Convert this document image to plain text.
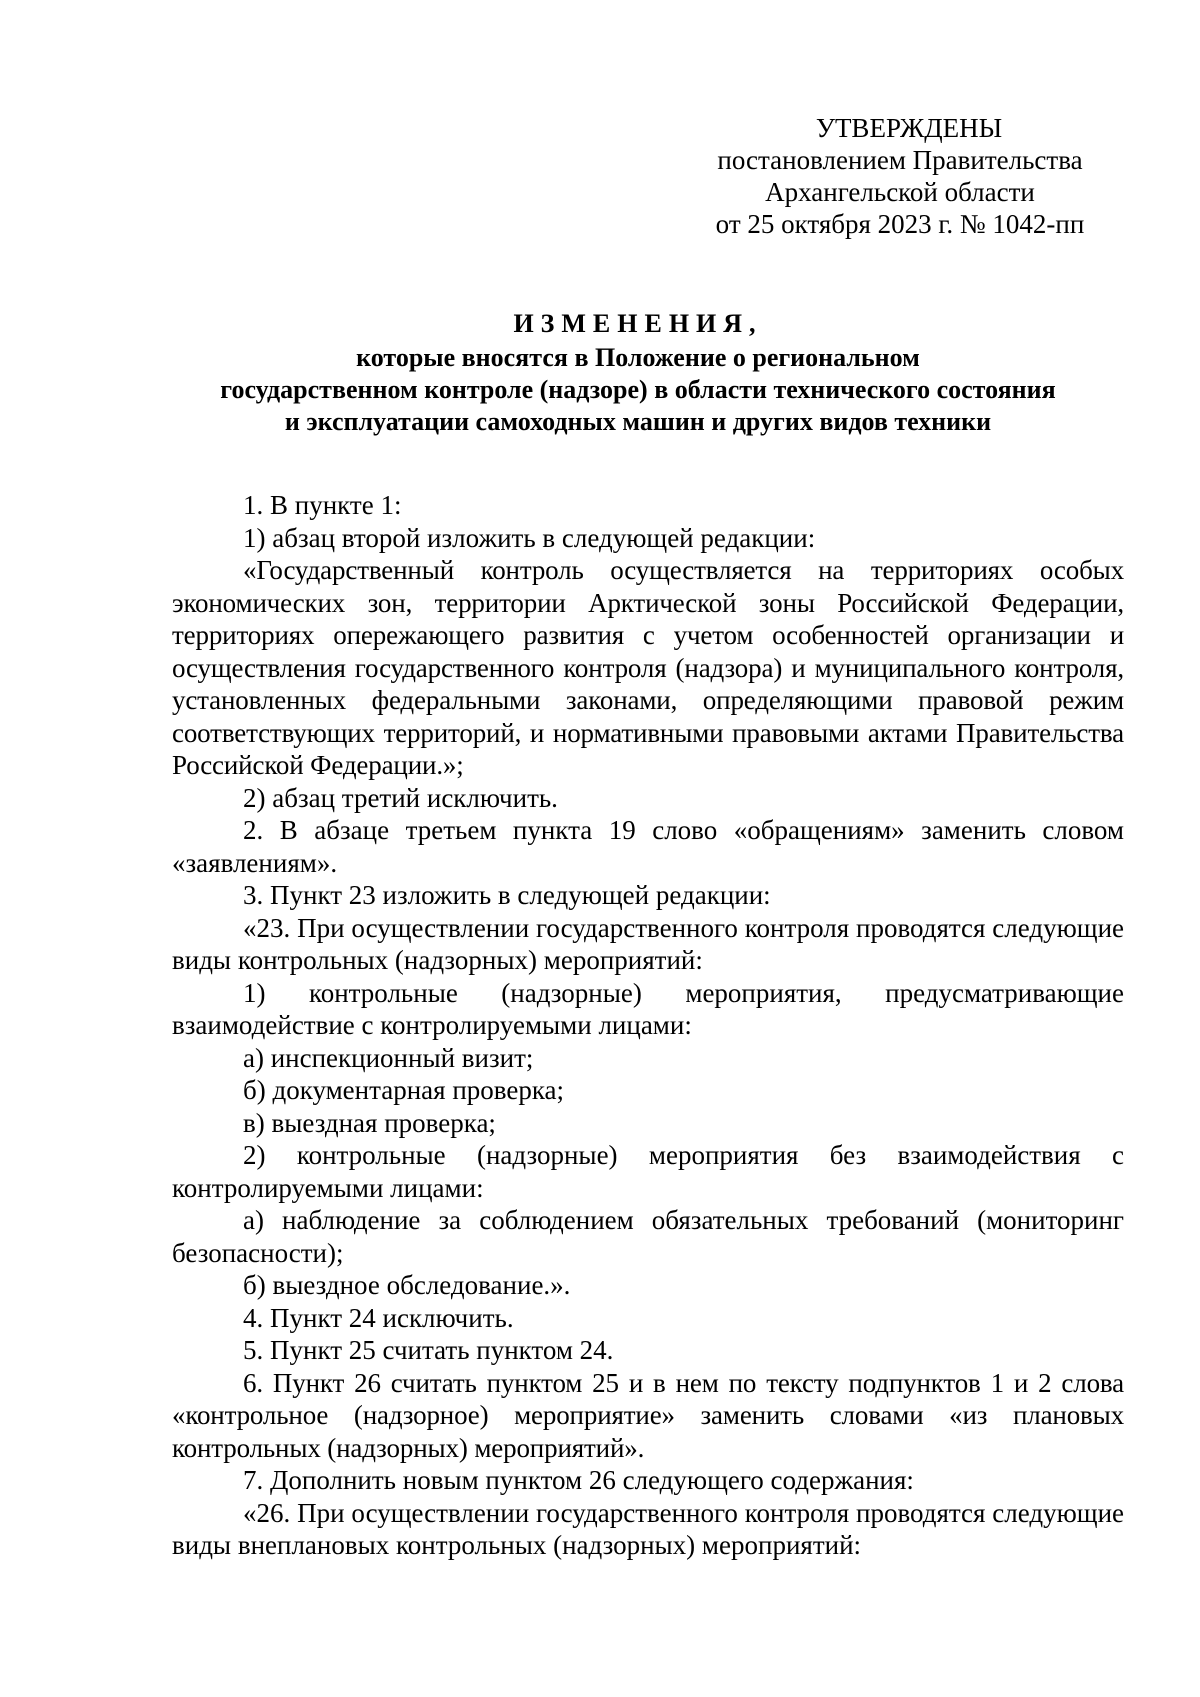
УТВЕРЖДЕНЫ
постановлением Правительства
Архангельской области
от 25 октября 2023 г. № 1042-пп
ИЗМЕНЕНИЯ,
которые вносятся в Положение о региональном
государственном контроле (надзоре) в области технического состояния
и эксплуатации самоходных машин и других видов техники

1. В пункте 1:

1) абзац второй изложить в следующей редакции:

«Государственный контроль осуществляется на территориях особых экономических зон, территории Арктической зоны Российской Федерации, территориях опережающего развития с учетом особенностей организации и осуществления государственного контроля (надзора) и муниципального контроля, установленных федеральными законами, определяющими правовой режим соответствующих территорий, и нормативными правовыми актами Правительства Российской Федерации.»;

2) абзац третий исключить.

2. В абзаце третьем пункта 19 слово «обращениям» заменить словом «заявлениям».

3. Пункт 23 изложить в следующей редакции:

«23. При осуществлении государственного контроля проводятся следующие виды контрольных (надзорных) мероприятий:

1) контрольные (надзорные) мероприятия, предусматривающие взаимодействие с контролируемыми лицами:

а) инспекционный визит;

б) документарная проверка;

в) выездная проверка;

2) контрольные (надзорные) мероприятия без взаимодействия с контролируемыми лицами:

а) наблюдение за соблюдением обязательных требований (мониторинг безопасности);

б) выездное обследование.».

4. Пункт 24 исключить.

5. Пункт 25 считать пунктом 24.

6. Пункт 26 считать пунктом 25 и в нем по тексту подпунктов 1 и 2 слова «контрольное (надзорное) мероприятие» заменить словами «из плановых контрольных (надзорных) мероприятий».

7. Дополнить новым пунктом 26 следующего содержания:

«26. При осуществлении государственного контроля проводятся следующие виды внеплановых контрольных (надзорных) мероприятий:
